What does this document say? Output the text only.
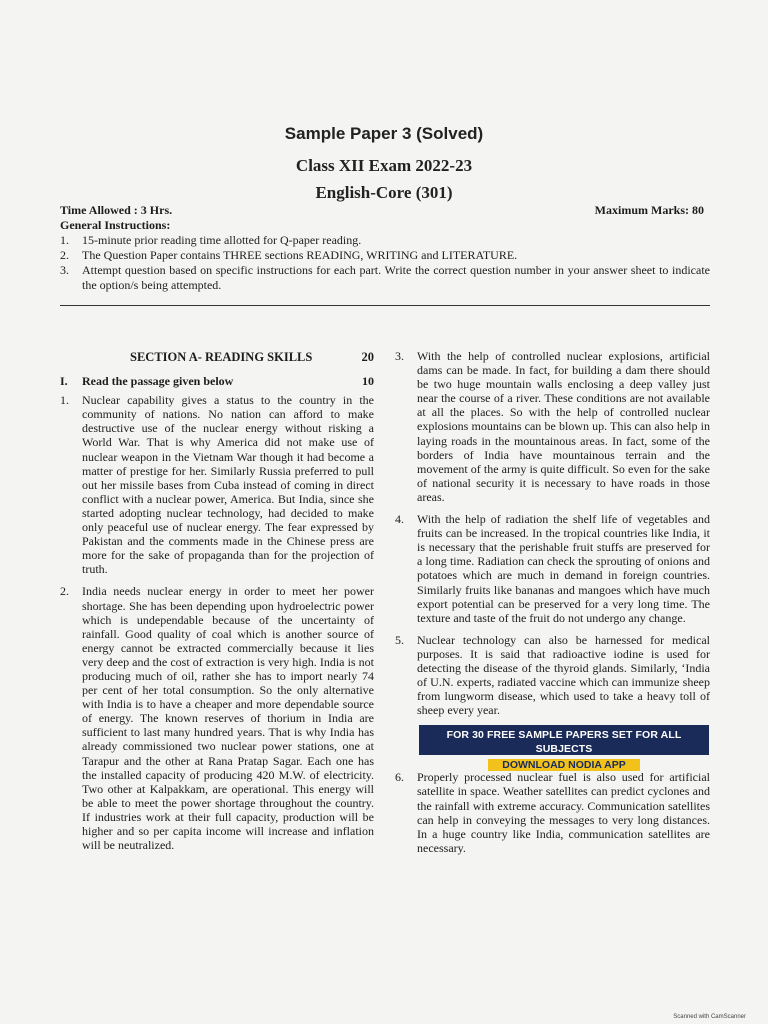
Sample Paper 3 (Solved)
Class XII Exam 2022-23
English-Core (301)
Time Allowed : 3 Hrs.	Maximum Marks: 80
General Instructions:
1.	15-minute prior reading time allotted for Q-paper reading.
2.	The Question Paper contains THREE sections READING, WRITING and LITERATURE.
3.	Attempt question based on specific instructions for each part. Write the correct question number in your answer sheet to indicate the option/s being attempted.
SECTION A- READING SKILLS	20
I.	Read the passage given below	10
1.	Nuclear capability gives a status to the country in the community of nations. No nation can afford to make destructive use of the nuclear energy without risking a World War. That is why America did not make use of nuclear weapon in the Vietnam War though it had become a matter of prestige for her. Similarly Russia preferred to pull out her missile bases from Cuba instead of coming in direct conflict with a nuclear power, America. But India, since she started adopting nuclear technology, had decided to make only peaceful use of nuclear energy. The fear expressed by Pakistan and the comments made in the Chinese press are more for the sake of propaganda than for the projection of truth.
2.	India needs nuclear energy in order to meet her power shortage. She has been depending upon hydroelectric power which is undependable because of the uncertainty of rainfall. Good quality of coal which is another source of energy cannot be extracted commercially because it lies very deep and the cost of extraction is very high. India is not producing much of oil, rather she has to import nearly 74 per cent of her total consumption. So the only alternative with India is to have a cheaper and more dependable source of energy. The known reserves of thorium in India are sufficient to last many hundred years. That is why India has already commissioned two nuclear power stations, one at Tarapur and the other at Rana Pratap Sagar. Each one has the installed capacity of producing 420 M.W. of electricity. Two other at Kalpakkam, are operational. This energy will be able to meet the power shortage throughout the country. If industries work at their full capacity, production will be higher and so per capita income will increase and inflation will be neutralized.
3.	With the help of controlled nuclear explosions, artificial dams can be made. In fact, for building a dam there should be two huge mountain walls enclosing a deep valley just near the course of a river. These conditions are not available at all the places. So with the help of controlled nuclear explosions mountains can be blown up. This can also help in laying roads in the mountainous areas. In fact, some of the borders of India have mountainous terrain and the movement of the army is quite difficult. So even for the sake of national security it is necessary to have roads in those areas.
4.	With the help of radiation the shelf life of vegetables and fruits can be increased. In the tropical countries like India, it is necessary that the perishable fruit stuffs are preserved for a long time. Radiation can check the sprouting of onions and potatoes which are much in demand in foreign countries. Similarly fruits like bananas and mangoes which have much export potential can be preserved for a very long time. The texture and taste of the fruit do not undergo any change.
5.	Nuclear technology can also be harnessed for medical purposes. It is said that radioactive iodine is used for detecting the disease of the thyroid glands. Similarly, ‘India of U.N. experts, radiated vaccine which can immunize sheep from lungworm disease, which used to take a heavy toll of sheep every year.
FOR 30 FREE SAMPLE PAPERS SET FOR ALL SUBJECTS
DOWNLOAD NODIA APP
6.	Properly processed nuclear fuel is also used for artificial satellite in space. Weather satellites can predict cyclones and the rainfall with extreme accuracy. Communication satellites can help in conveying the messages to very long distances. In a huge country like India, communication satellites are necessary.
Scanned with CamScanner
